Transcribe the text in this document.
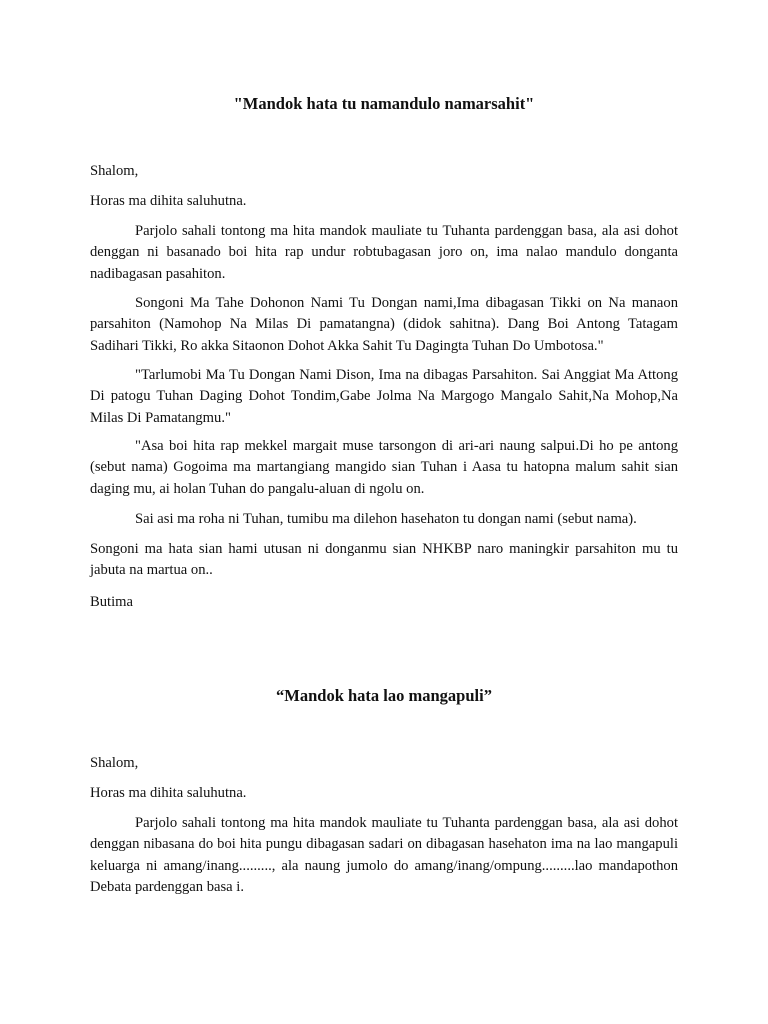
"Mandok hata tu namandulo namarsahit"

Shalom,

Horas ma dihita saluhutna.

Parjolo sahali tontong ma hita mandok mauliate tu Tuhanta pardenggan basa, ala asi dohot denggan ni basanado boi hita rap undur robtubagasan joro on, ima nalao mandulo donganta nadibagasan pasahiton.

Songoni Ma Tahe Dohonon Nami Tu Dongan nami,Ima dibagasan Tikki on Na manaon parsahiton (Namohop Na Milas Di pamatangna) (didok sahitna). Dang Boi Antong Tatagam Sadihari Tikki, Ro akka Sitaonon Dohot Akka Sahit Tu Dagingta Tuhan Do Umbotosa."

"Tarlumobi Ma Tu Dongan Nami Dison, Ima na dibagas Parsahiton. Sai Anggiat Ma Attong Di patogu Tuhan Daging Dohot Tondim,Gabe Jolma Na Margogo Mangalo Sahit,Na Mohop,Na Milas Di Pamatangmu."

"Asa boi hita rap mekkel margait muse tarsongon di ari-ari naung salpui.Di ho pe antong (sebut nama) Gogoima ma martangiang mangido sian Tuhan i Aasa tu hatopna malum sahit sian daging mu, ai holan Tuhan do pangalu-aluan di ngolu on.

Sai asi ma roha ni Tuhan, tumibu ma dilehon hasehaton tu dongan nami (sebut nama).

Songoni ma hata sian hami utusan ni donganmu sian NHKBP naro maningkir parsahiton mu tu jabuta na martua on..

Butima

“Mandok hata lao mangapuli”

Shalom,

Horas ma dihita saluhutna.

Parjolo sahali tontong ma hita mandok mauliate tu Tuhanta pardenggan basa, ala asi dohot denggan nibasana do boi hita pungu dibagasan sadari on dibagasan hasehaton ima na lao mangapuli keluarga ni amang/inang........., ala naung jumolo do amang/inang/ompung.........lao mandapothon Debata pardenggan basa i.
